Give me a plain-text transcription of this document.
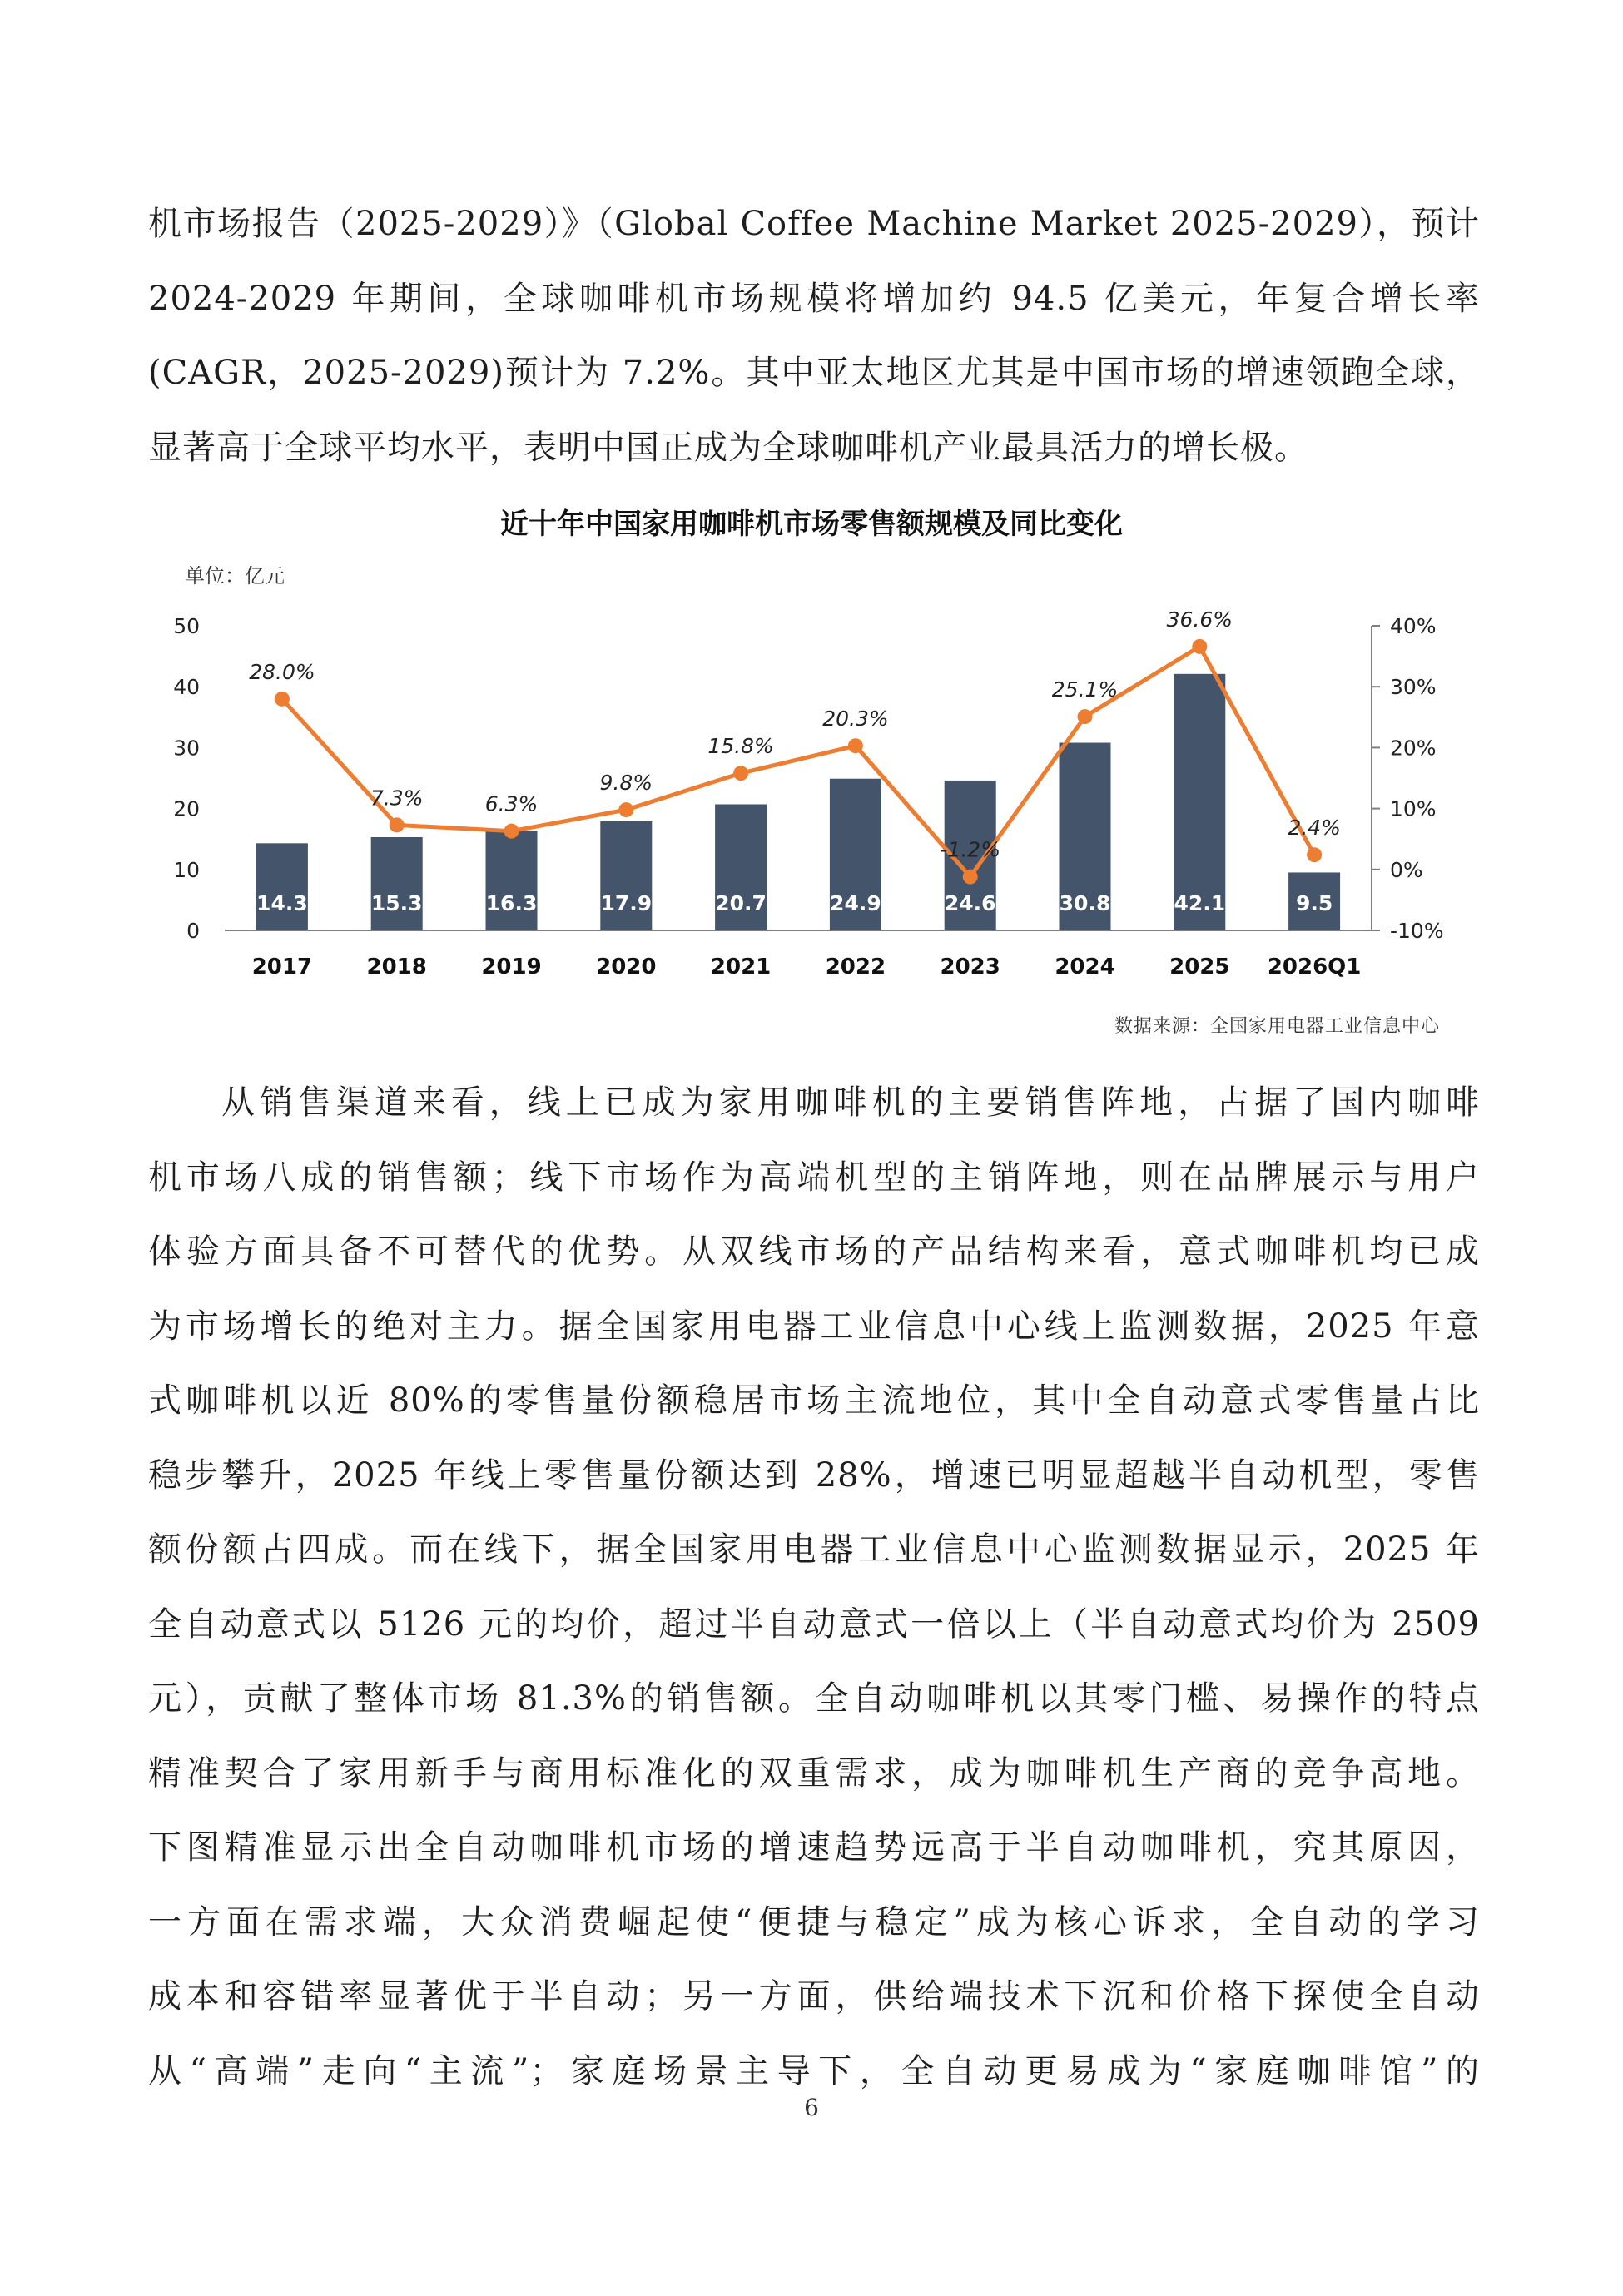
机市场报告（2025-2029）》（Global Coffee Machine Market 2025-2029），预计
2024-2029 年期间，全球咖啡机市场规模将增加约 94.5 亿美元，年复合增长率
(CAGR，2025-2029)预计为 7.2%。其中亚太地区尤其是中国市场的增速领跑全球，
显著高于全球平均水平，表明中国正成为全球咖啡机产业最具活力的增长极。
近十年中国家用咖啡机市场零售额规模及同比变化
单位：亿元
0
10
20
30
40
50
-10%
0%
10%
20%
30%
40%
14.3	15.3	16.3	17.9	20.7	24.9	24.6	30.8	42.1	9.5
2017	2018	2019	2020	2021	2022	2023	2024	2025 2026Q1
28.0%
7.3%	6.3%
9.8%
15.8%
20.3%
-1.2%
25.1%
36.6%
2.4%
数据来源：全国家用电器工业信息中心
从销售渠道来看，线上已成为家用咖啡机的主要销售阵地，占据了国内咖啡
机市场八成的销售额；线下市场作为高端机型的主销阵地，则在品牌展示与用户
体验方面具备不可替代的优势。从双线市场的产品结构来看，意式咖啡机均已成
为市场增长的绝对主力。据全国家用电器工业信息中心线上监测数据，2025 年意
式咖啡机以近 80%的零售量份额稳居市场主流地位，其中全自动意式零售量占比
稳步攀升，2025 年线上零售量份额达到 28%，增速已明显超越半自动机型，零售
额份额占四成。而在线下，据全国家用电器工业信息中心监测数据显示，2025 年
全自动意式以 5126 元的均价，超过半自动意式一倍以上（半自动意式均价为 2509
元），贡献了整体市场 81.3%的销售额。全自动咖啡机以其零门槛、易操作的特点
精准契合了家用新手与商用标准化的双重需求，成为咖啡机生产商的竞争高地。
下图精准显示出全自动咖啡机市场的增速趋势远高于半自动咖啡机，究其原因，
一方面在需求端，大众消费崛起使“便捷与稳定”成为核心诉求，全自动的学习
成本和容错率显著优于半自动；另一方面，供给端技术下沉和价格下探使全自动
从“高端”走向“主流”；家庭场景主导下，全自动更易成为“家庭咖啡馆”的
6
